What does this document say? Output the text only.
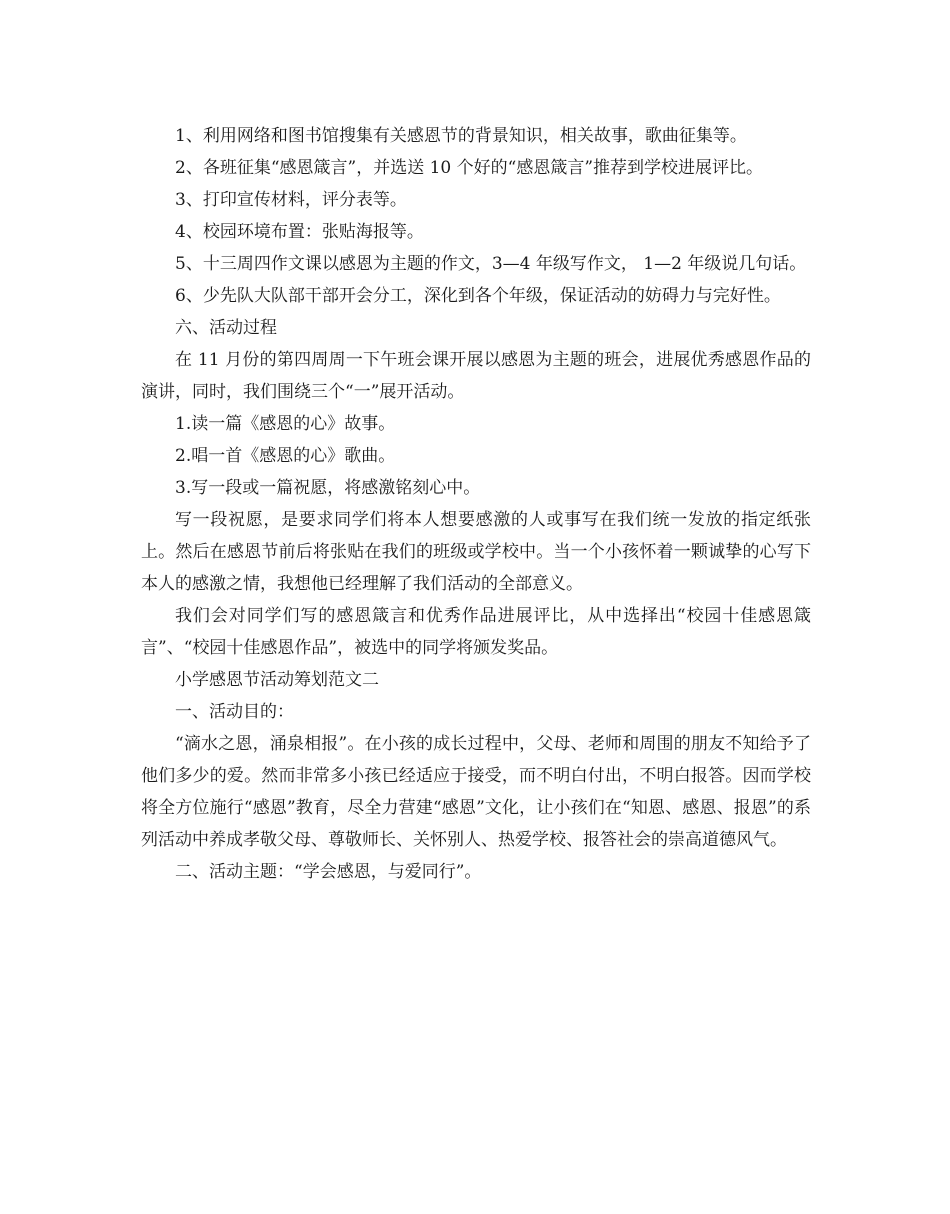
1、利用网络和图书馆搜集有关感恩节的背景知识，相关故事，歌曲征集等。

2、各班征集“感恩箴言”，并选送 10 个好的“感恩箴言”推荐到学校进展评比。

3、打印宣传材料，评分表等。

4、校园环境布置：张贴海报等。

5、十三周四作文课以感恩为主题的作文，3—4 年级写作文， 1—2 年级说几句话。

6、少先队大队部干部开会分工，深化到各个年级，保证活动的妨碍力与完好性。

六、活动过程

在 11 月份的第四周周一下午班会课开展以感恩为主题的班会，进展优秀感恩作品的演讲，同时，我们围绕三个“一”展开活动。

1.读一篇《感恩的心》故事。

2.唱一首《感恩的心》歌曲。

3.写一段或一篇祝愿，将感激铭刻心中。

写一段祝愿，是要求同学们将本人想要感激的人或事写在我们统一发放的指定纸张上。然后在感恩节前后将张贴在我们的班级或学校中。当一个小孩怀着一颗诚挚的心写下本人的感激之情，我想他已经理解了我们活动的全部意义。

我们会对同学们写的感恩箴言和优秀作品进展评比，从中选择出“校园十佳感恩箴言”、“校园十佳感恩作品”，被选中的同学将颁发奖品。

小学感恩节活动筹划范文二

一、活动目的：

“滴水之恩，涌泉相报”。在小孩的成长过程中，父母、老师和周围的朋友不知给予了他们多少的爱。然而非常多小孩已经适应于接受，而不明白付出，不明白报答。因而学校将全方位施行“感恩”教育，尽全力营建“感恩”文化，让小孩们在“知恩、感恩、报恩”的系列活动中养成孝敬父母、尊敬师长、关怀别人、热爱学校、报答社会的崇高道德风气。

二、活动主题：“学会感恩，与爱同行”。
